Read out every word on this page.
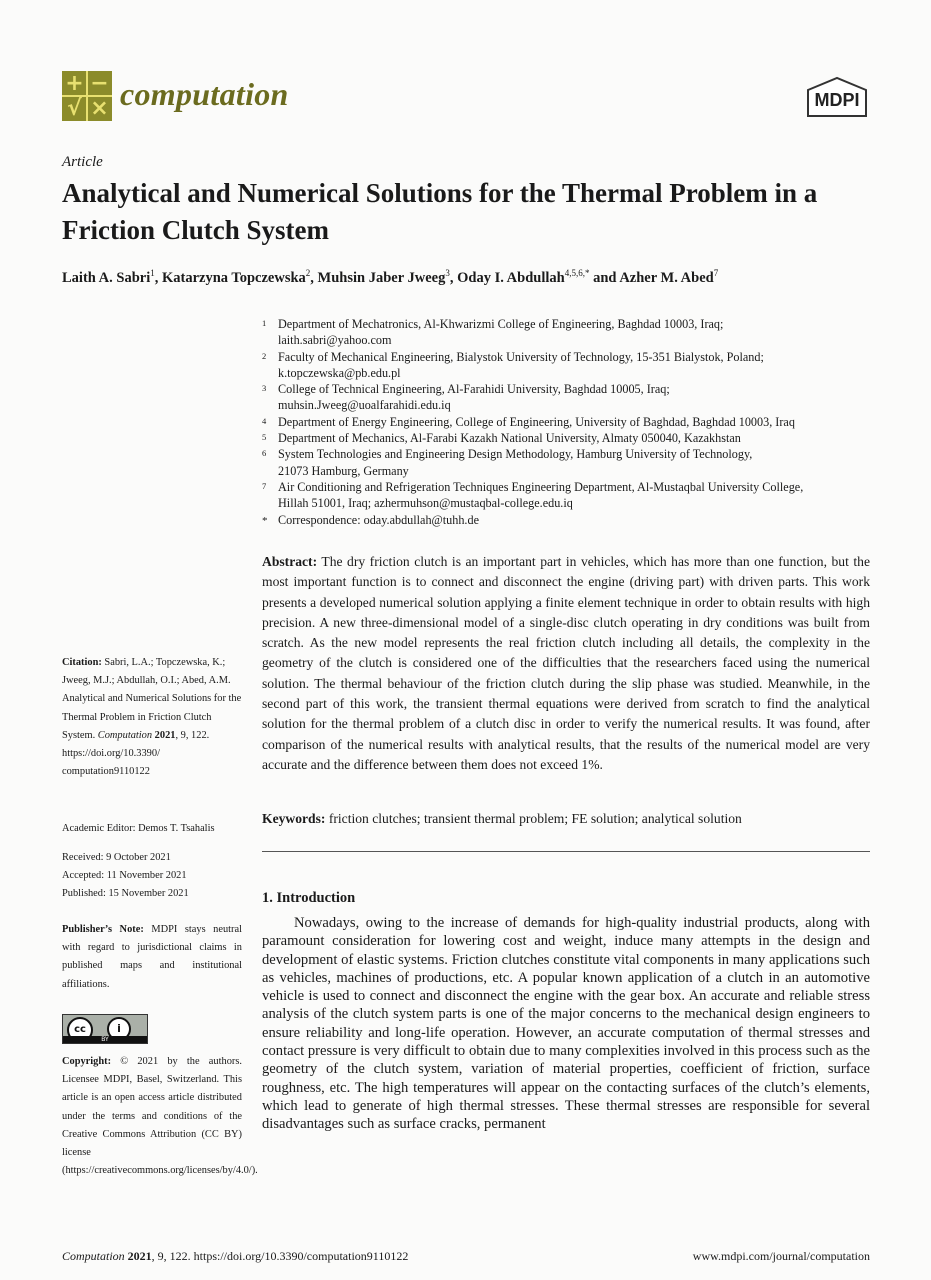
+ −
√ × computation	MDPI
Article
Analytical and Numerical Solutions for the Thermal Problem in a Friction Clutch System
Laith A. Sabri$^1$, Katarzyna Topczewska$^2$, Muhsin Jaber Jweeg$^3$, Oday I. Abdullah$^{4,5,6,*}$ and Azher M. Abed$^7$
1 Department of Mechatronics, Al-Khwarizmi College of Engineering, Baghdad 10003, Iraq;
laith.sabri@yahoo.com
2 Faculty of Mechanical Engineering, Bialystok University of Technology, 15-351 Bialystok, Poland;
k.topczewska@pb.edu.pl
3 College of Technical Engineering, Al-Farahidi University, Baghdad 10005, Iraq;
muhsin.Jweeg@uoalfarahidi.edu.iq
4 Department of Energy Engineering, College of Engineering, University of Baghdad, Baghdad 10003, Iraq
5 Department of Mechanics, Al-Farabi Kazakh National University, Almaty 050040, Kazakhstan
6 System Technologies and Engineering Design Methodology, Hamburg University of Technology,
21073 Hamburg, Germany
7 Air Conditioning and Refrigeration Techniques Engineering Department, Al-Mustaqbal University College,
Hillah 51001, Iraq; azhermuhson@mustaqbal-college.edu.iq
* Correspondence: oday.abdullah@tuhh.de
Abstract: The dry friction clutch is an important part in vehicles, which has more than one function, but the most important function is to connect and disconnect the engine (driving part) with driven parts. This work presents a developed numerical solution applying a finite element technique in order to obtain results with high precision. A new three-dimensional model of a single-disc clutch operating in dry conditions was built from scratch. As the new model represents the real friction clutch including all details, the complexity in the geometry of the clutch is considered one of the difficulties that the researchers faced using the numerical solution. The thermal behaviour of the friction clutch during the slip phase was studied. Meanwhile, in the second part of this work, the transient thermal equations were derived from scratch to find the analytical solution for the thermal problem of a clutch disc in order to verify the numerical results. It was found, after comparison of the numerical results with analytical results, that the results of the numerical model are very accurate and the difference between them does not exceed 1%.
Keywords: friction clutches; transient thermal problem; FE solution; analytical solution
1. Introduction
Nowadays, owing to the increase of demands for high-quality industrial products, along with paramount consideration for lowering cost and weight, induce many attempts in the design and development of elastic systems. Friction clutches constitute vital components in many applications such as vehicles, machines of productions, etc. A popular known application of a clutch in an automotive vehicle is used to connect and disconnect the engine with the gear box. An accurate and reliable stress analysis of the clutch system parts is one of the major concerns to the mechanical design engineers to ensure reliability and long-life operation. However, an accurate computation of thermal stresses and contact pressure is very difficult to obtain due to many complexities involved in this process such as the geometry of the clutch system, variation of material properties, coefficient of friction, surface roughness, etc. The high temperatures will appear on the contacting surfaces of the clutch’s elements, which lead to generate of high thermal stresses. These thermal stresses are responsible for several disadvantages such as surface cracks, permanent
Citation: Sabri, L.A.; Topczewska, K.; Jweeg, M.J.; Abdullah, O.I.; Abed, A.M. Analytical and Numerical Solutions for the Thermal Problem in Friction Clutch System. Computation 2021, 9, 122. https://doi.org/10.3390/ computation9110122
Academic Editor: Demos T. Tsahalis
Received: 9 October 2021
Accepted: 11 November 2021
Published: 15 November 2021
Publisher’s Note: MDPI stays neutral with regard to jurisdictional claims in published maps and institutional affiliations.
cc	i
BY
Copyright: © 2021 by the authors. Licensee MDPI, Basel, Switzerland. This article is an open access article distributed under the terms and conditions of the Creative Commons Attribution (CC BY) license (https://creativecommons.org/licenses/by/4.0/).
Computation 2021, 9, 122. https://doi.org/10.3390/computation9110122	www.mdpi.com/journal/computation
